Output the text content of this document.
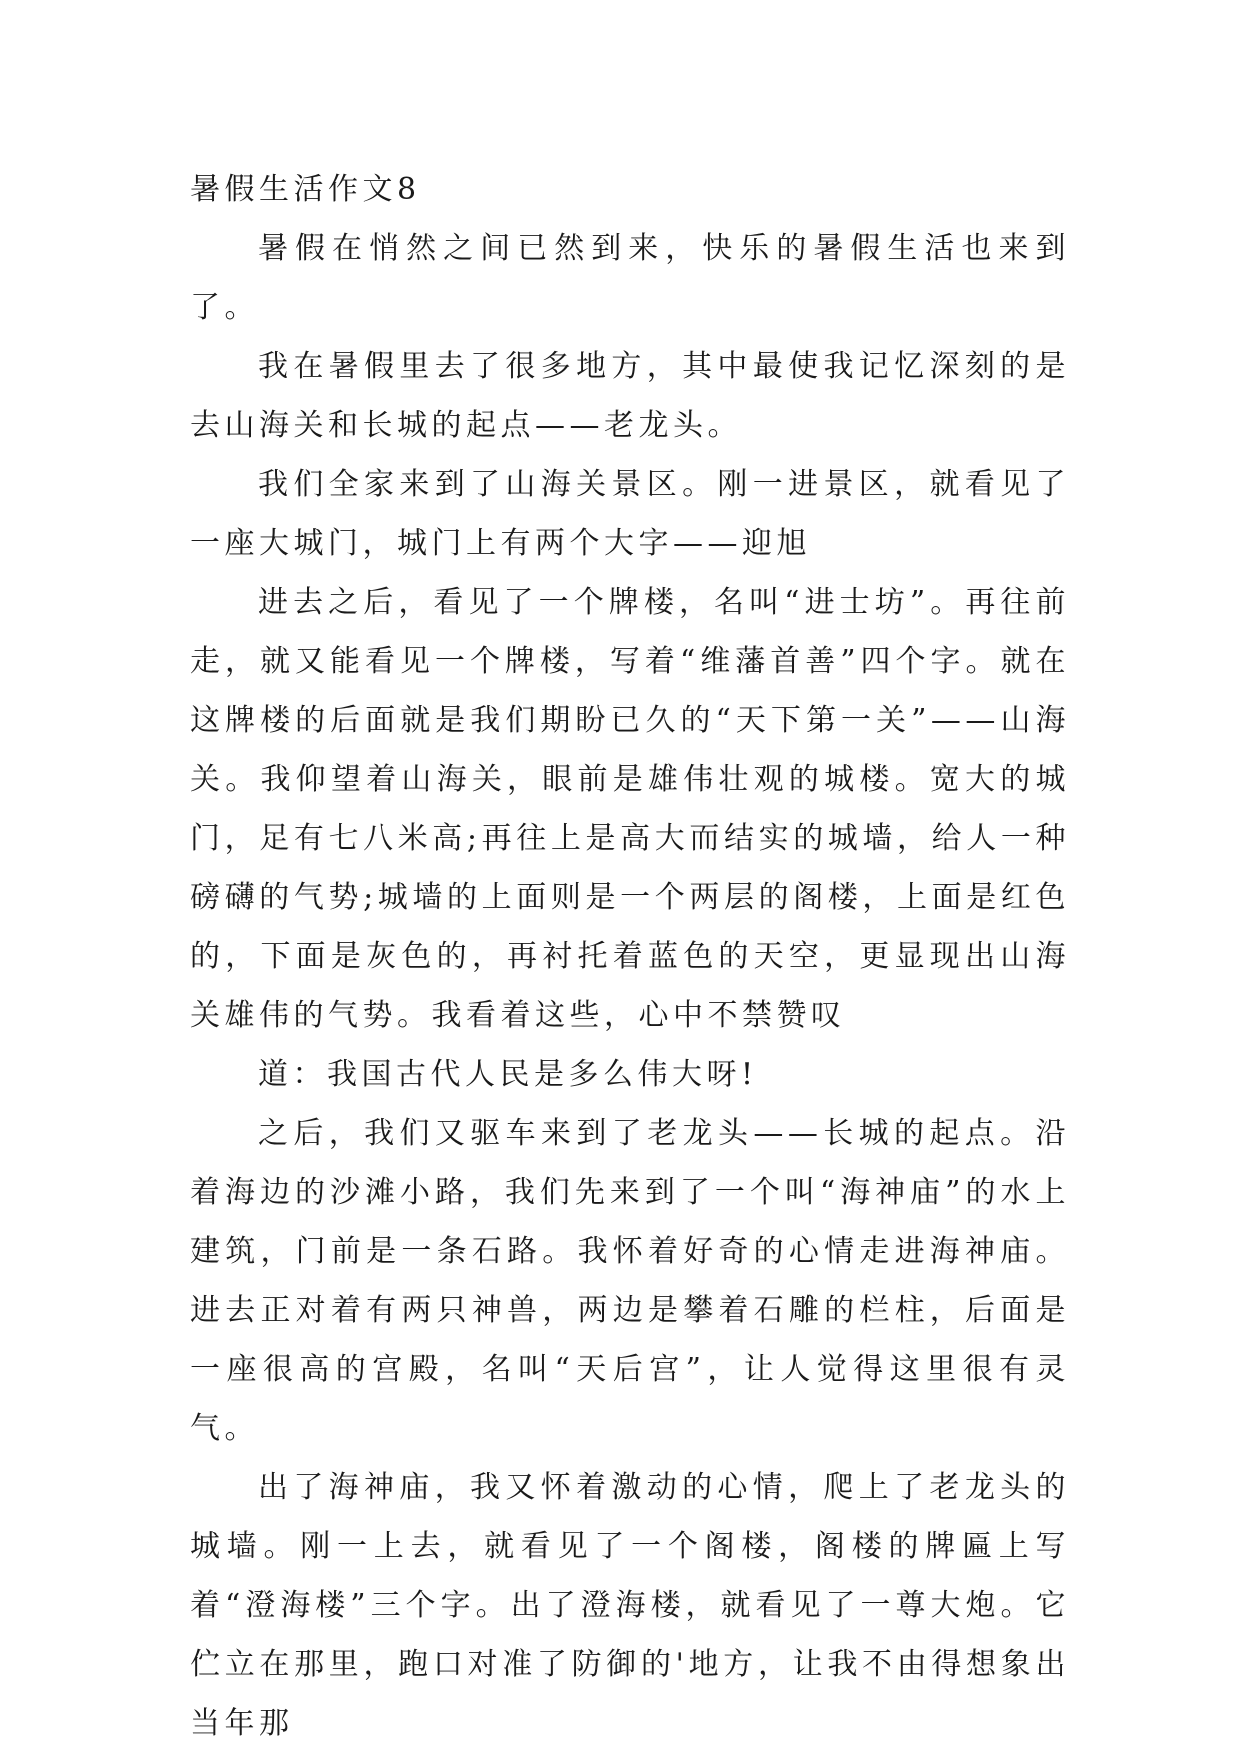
暑假生活作文8

暑假在悄然之间已然到来，快乐的暑假生活也来到了。

我在暑假里去了很多地方，其中最使我记忆深刻的是去山海关和长城的起点——老龙头。

我们全家来到了山海关景区。刚一进景区，就看见了一座大城门，城门上有两个大字——迎旭

进去之后，看见了一个牌楼，名叫“进士坊”。再往前走，就又能看见一个牌楼，写着“维藩首善”四个字。就在这牌楼的后面就是我们期盼已久的“天下第一关”——山海关。我仰望着山海关，眼前是雄伟壮观的城楼。宽大的城门，足有七八米高;再往上是高大而结实的城墙，给人一种磅礴的气势;城墙的上面则是一个两层的阁楼，上面是红色的，下面是灰色的，再衬托着蓝色的天空，更显现出山海关雄伟的气势。我看着这些，心中不禁赞叹

道：我国古代人民是多么伟大呀!

之后，我们又驱车来到了老龙头——长城的起点。沿着海边的沙滩小路，我们先来到了一个叫“海神庙”的水上建筑，门前是一条石路。我怀着好奇的心情走进海神庙。进去正对着有两只神兽，两边是攀着石雕的栏柱，后面是一座很高的宫殿，名叫“天后宫”，让人觉得这里很有灵气。

出了海神庙，我又怀着激动的心情，爬上了老龙头的城墙。刚一上去，就看见了一个阁楼，阁楼的牌匾上写着“澄海楼”三个字。出了澄海楼，就看见了一尊大炮。它伫立在那里，跑口对准了防御的'地方，让我不由得想象出当年那
